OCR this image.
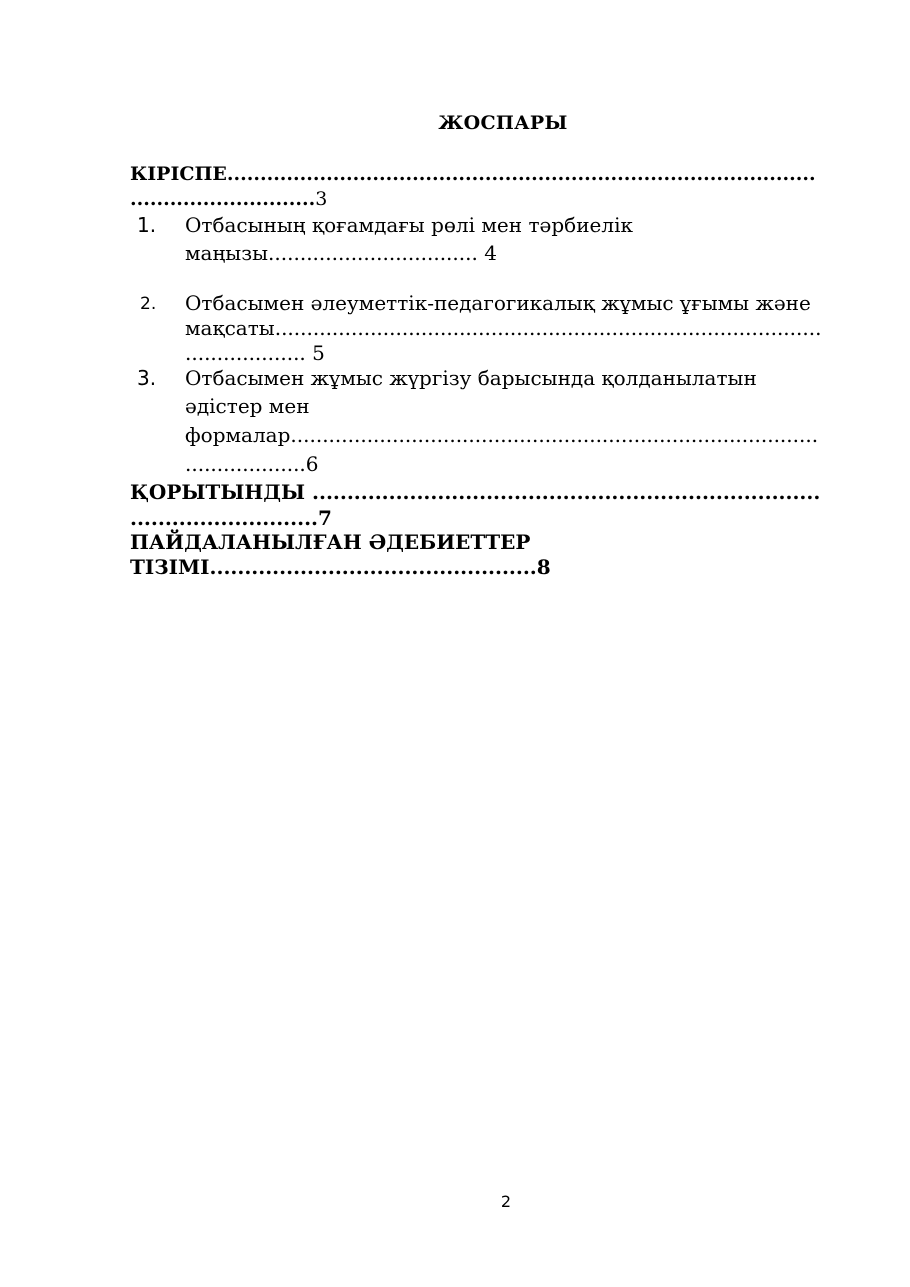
ЖОСПАРЫ
КІРІСПЕ.........................................................................................
............................3
1. Отбасының қоғамдағы рөлі мен тәрбиелік
маңызы................................. 4
2. Отбасымен әлеуметтік-педагогикалық жұмыс ұғымы және
мақсаты......................................................................................
................... 5
3. Отбасымен жұмыс жүргізу барысында қолданылатын
әдістер мен
формалар...................................................................................
...................6
ҚОРЫТЫНДЫ .........................................................................
...........................7
ПАЙДАЛАНЫЛҒАН ӘДЕБИЕТТЕР
ТІЗІМІ...............................................8
2
